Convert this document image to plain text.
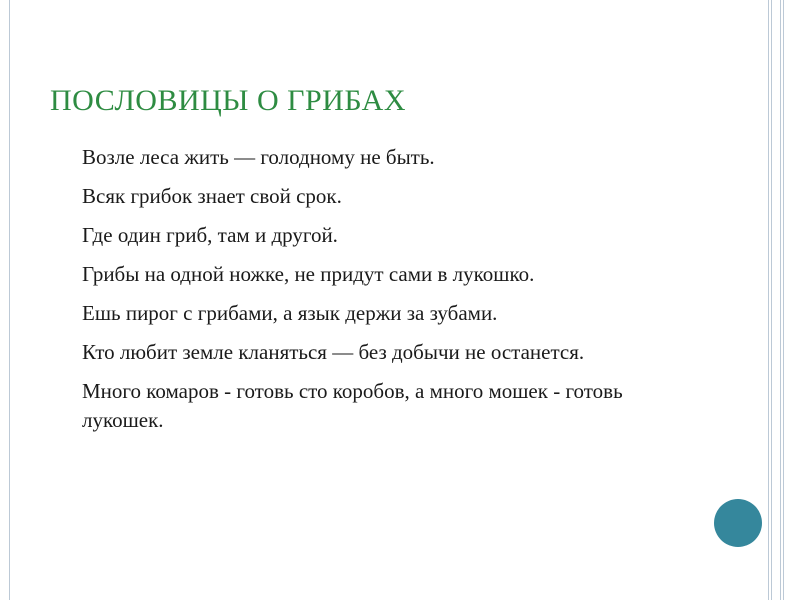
ПОСЛОВИЦЫ О ГРИБАХ
Возле леса жить — голодному не быть.
Всяк грибок знает свой срок.
Где один гриб, там и другой.
Грибы на одной ножке, не придут сами в лукошко.
Ешь пирог с грибами, а язык держи за зубами.
Кто любит земле кланяться — без добычи не останется.
Много комаров - готовь сто коробов, а много мошек - готовь лукошек.
